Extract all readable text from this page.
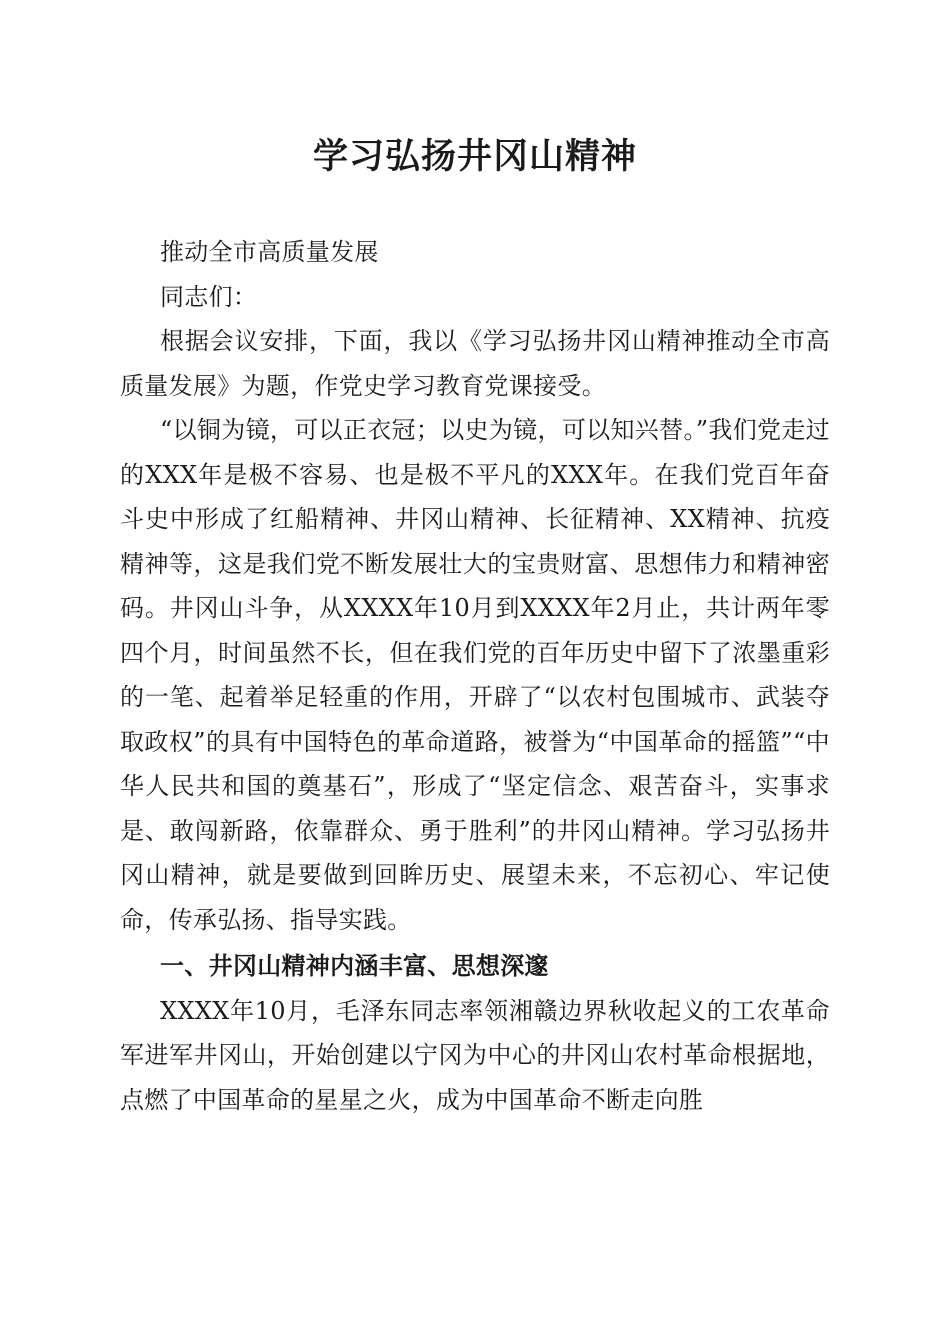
学习弘扬井冈山精神

推动全市高质量发展

同志们：

根据会议安排，下面，我以《学习弘扬井冈山精神推动全市高质量发展》为题，作党史学习教育党课接受。

“以铜为镜，可以正衣冠；以史为镜，可以知兴替。”我们党走过的XXX年是极不容易、也是极不平凡的XXX年。在我们党百年奋斗史中形成了红船精神、井冈山精神、长征精神、XX精神、抗疫精神等，这是我们党不断发展壮大的宝贵财富、思想伟力和精神密码。井冈山斗争，从XXXX年10月到XXXX年2月止，共计两年零四个月，时间虽然不长，但在我们党的百年历史中留下了浓墨重彩的一笔、起着举足轻重的作用，开辟了“以农村包围城市、武装夺取政权”的具有中国特色的革命道路，被誉为“中国革命的摇篮”“中华人民共和国的奠基石”，形成了“坚定信念、艰苦奋斗，实事求是、敢闯新路，依靠群众、勇于胜利”的井冈山精神。学习弘扬井冈山精神，就是要做到回眸历史、展望未来，不忘初心、牢记使命，传承弘扬、指导实践。

一、井冈山精神内涵丰富、思想深邃

XXXX年10月，毛泽东同志率领湘赣边界秋收起义的工农革命军进军井冈山，开始创建以宁冈为中心的井冈山农村革命根据地，点燃了中国革命的星星之火，成为中国革命不断走向胜
